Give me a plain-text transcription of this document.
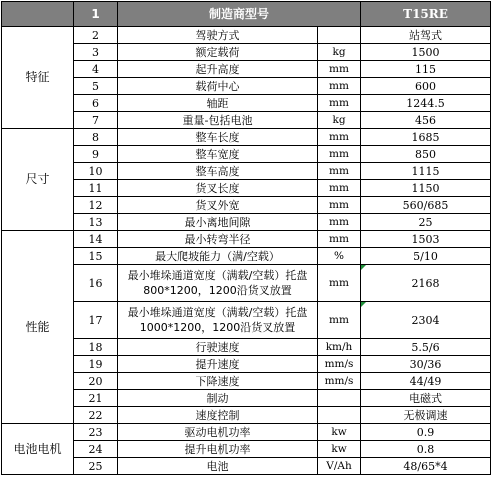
	1	制造商型号		T15RE
特征	2	驾驶方式		站驾式
	3	额定载荷	kg	1500
	4	起升高度	mm	115
	5	载荷中心	mm	600
	6	轴距	mm	1244.5
	7	重量-包括电池	kg	456
尺寸	8	整车长度	mm	1685
	9	整车宽度	mm	850
	10	整车高度	mm	1115
	11	货叉长度	mm	1150
	12	货叉外宽	mm	560/685
	13	最小离地间隙	mm	25
性能	14	最小转弯半径	mm	1503
	15	最大爬坡能力（满/空载）	%	5/10
	16	最小堆垛通道宽度（满载/空载）托盘800*1200，1200沿货叉放置	mm	2168
	17	最小堆垛通道宽度（满载/空载）托盘1000*1200，1200沿货叉放置	mm	2304
	18	行驶速度	km/h	5.5/6
	19	提升速度	mm/s	30/36
	20	下降速度	mm/s	44/49
	21	制动		电磁式
	22	速度控制		无极调速
电池电机	23	驱动电机功率	kw	0.9
	24	提升电机功率	kw	0.8
	25	电池	V/Ah	48/65*4
